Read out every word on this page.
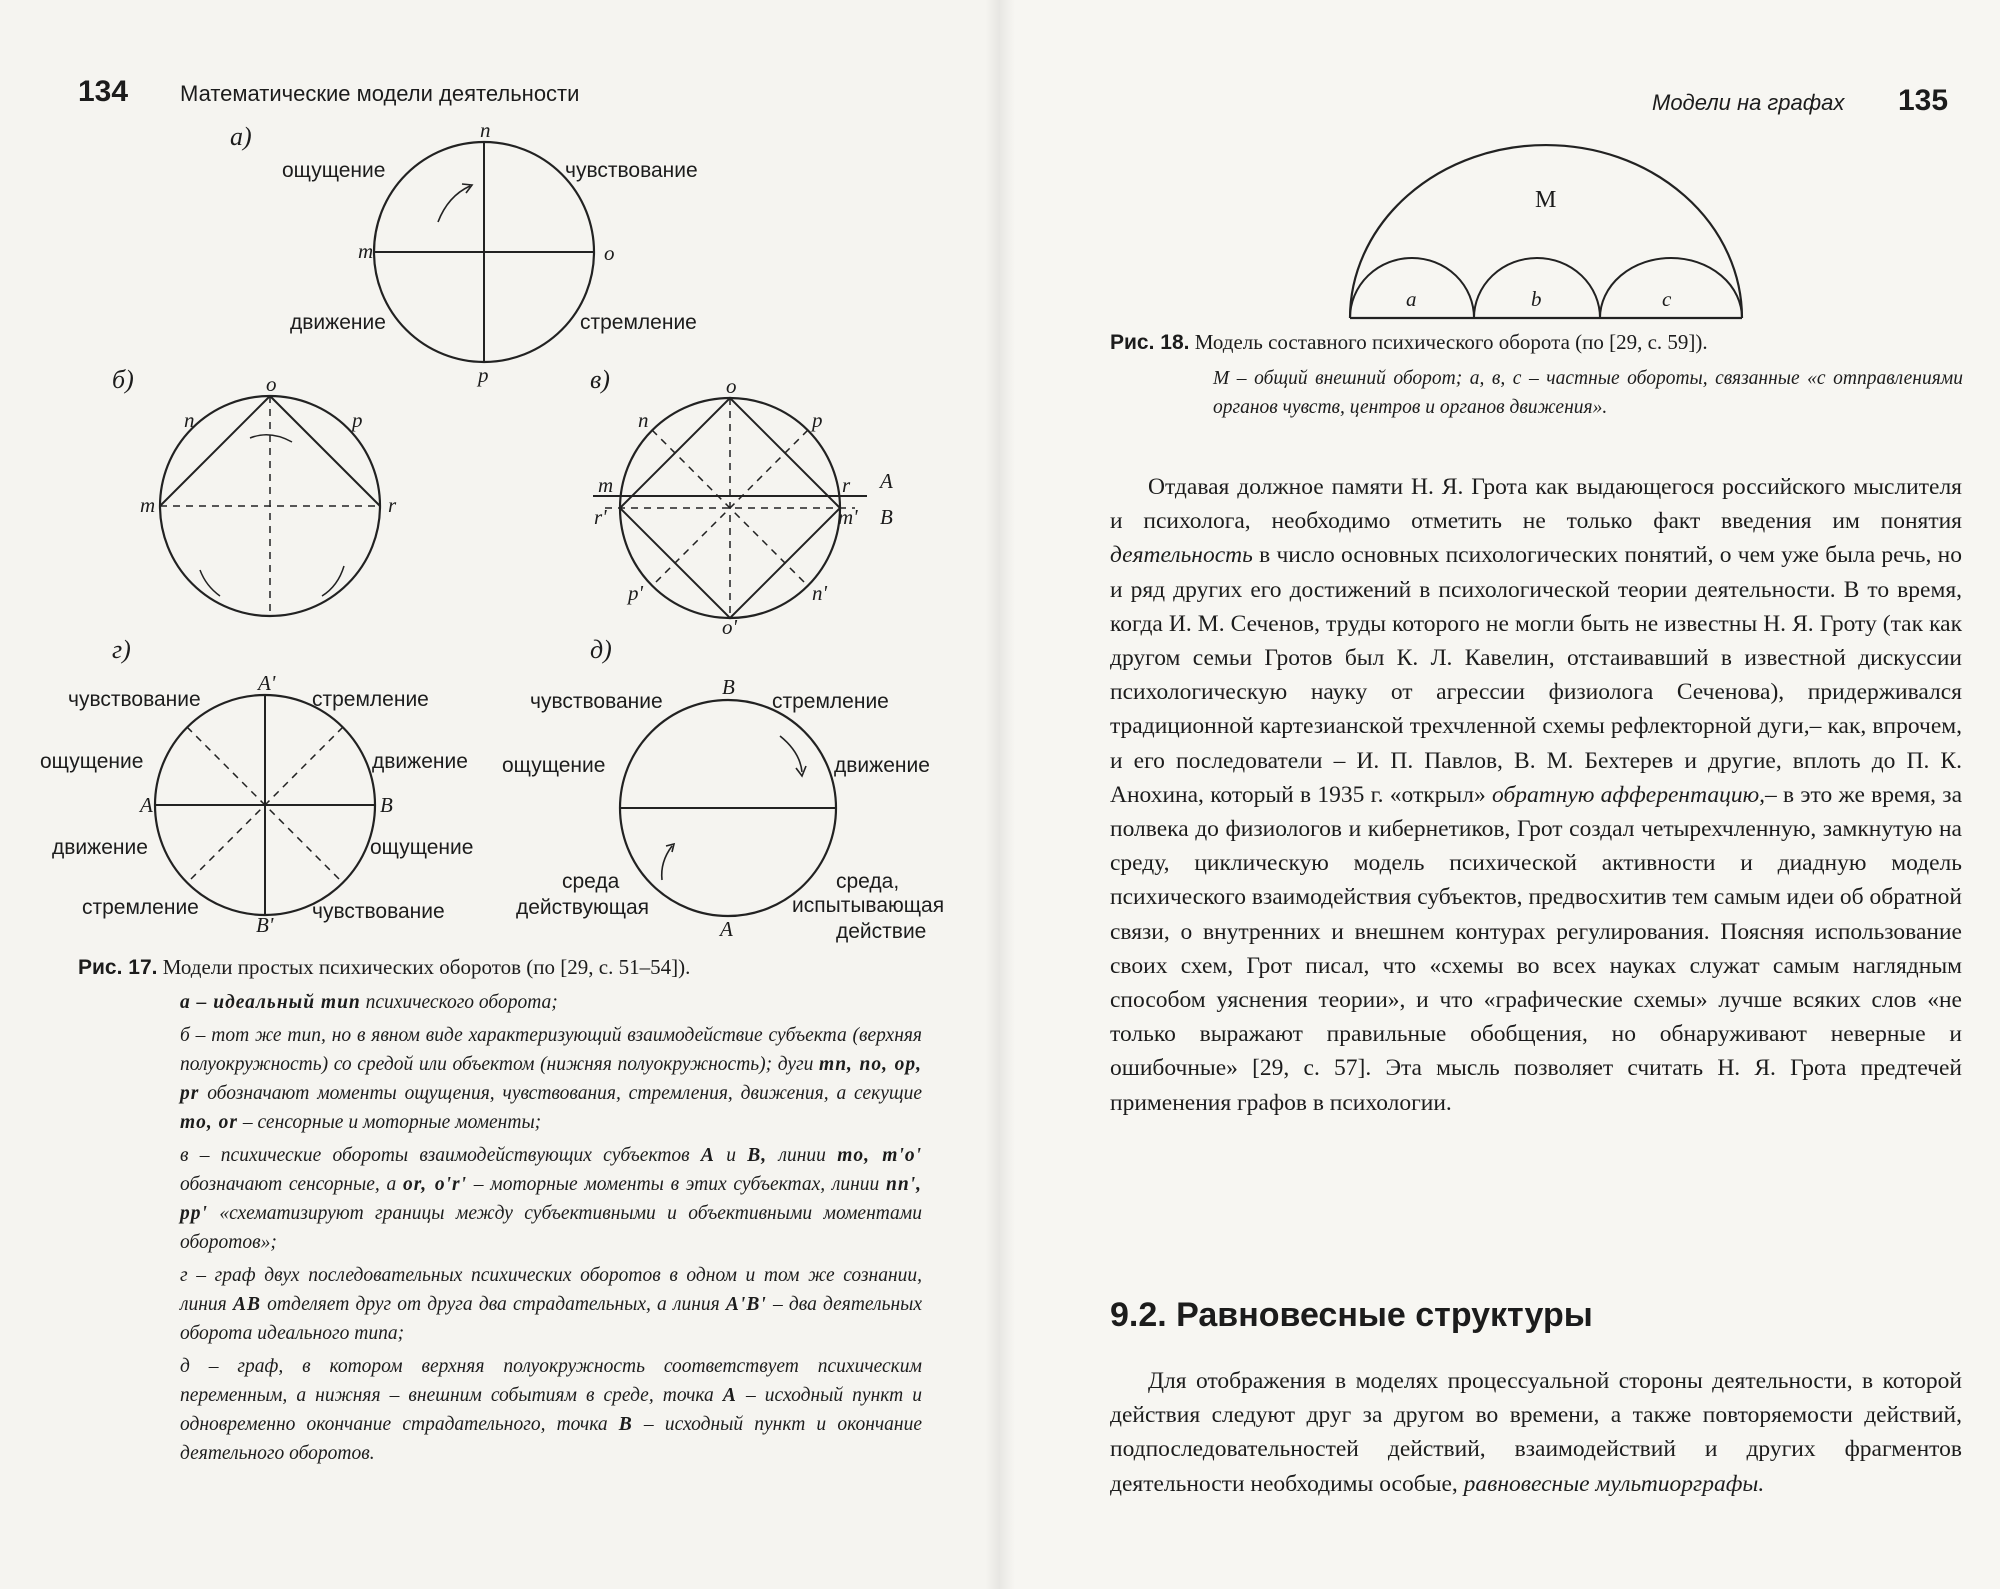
134 Математические модели деятельности
а)	n
m	o
p
ощущение	чувствование
движение	стремление
б)	o
n	p
m	r
в)	o
n	p
m	r
r'	m'
A
B
p'	n'
o'
г)
A'
B'
A	B
чувствование	стремление
ощущение	движение
движение	ощущение
стремление	чувствование
д)
B
A
чувствование	стремление
ощущение	движение
среда
действующая
среда,
испытывающая
действие
Рис. 17. Модели простых психических оборотов (по [29, с. 51–54]).

а – идеальный тип психического оборота;

б – тот же тип, но в явном виде характеризующий взаимодействие субъекта (верхняя полуокружность) со средой или объектом (нижняя полуокружность); дуги mn, no, op, pr обозначают моменты ощущения, чувствования, стремления, движения, а секущие mo, or – сенсорные и моторные моменты;

в – психические обороты взаимодействующих субъектов A и B, линии mo, m'o' обозначают сенсорные, а or, o'r' – моторные моменты в этих субъектах, линии nn', pp' «схематизируют границы между субъективными и объективными моментами оборотов»;

г – граф двух последовательных психических оборотов в одном и том же сознании, линия AB отделяет друг от друга два страдательных, а линия A'B' – два деятельных оборота идеального типа;

д – граф, в котором верхняя полуокружность соответствует психическим переменным, а нижняя – внешним событиям в среде, точка A – исходный пункт и одновременно окончание страдательного, точка B – исходный пункт и окончание деятельного оборотов.

Модели на графах 135
M
a	b	c
Рис. 18. Модель составного психического оборота (по [29, с. 59]).
M – общий внешний оборот; a, в, c – частные обороты, связанные «с отправлениями органов чувств, центров и органов движения».

Отдавая должное памяти Н. Я. Грота как выдающегося российского мыслителя и психолога, необходимо отметить не только факт введения им понятия деятельность в число основных психологических понятий, о чем уже была речь, но и ряд других его достижений в психологической теории деятельности. В то время, когда И. М. Сеченов, труды которого не могли быть не известны Н. Я. Гроту (так как другом семьи Гротов был К. Л. Кавелин, отстаивавший в известной дискуссии психологическую науку от агрессии физиолога Сеченова), придерживался традиционной картезианской трехчленной схемы рефлекторной дуги,– как, впрочем, и его последователи – И. П. Павлов, В. М. Бехтерев и другие, вплоть до П. К. Анохина, который в 1935 г. «открыл» обратную афферентацию,– в это же время, за полвека до физиологов и кибернетиков, Грот создал четырехчленную, замкнутую на среду, циклическую модель психической активности и диадную модель психического взаимодействия субъектов, предвосхитив тем самым идеи об обратной связи, о внутренних и внешнем контурах регулирования. Поясняя использование своих схем, Грот писал, что «схемы во всех науках служат самым наглядным способом уяснения теории», и что «графические схемы» лучше всяких слов «не только выражают правильные обобщения, но обнаруживают неверные и ошибочные» [29, с. 57]. Эта мысль позволяет считать Н. Я. Грота предтечей применения графов в психологии.

9.2. Равновесные структуры

Для отображения в моделях процессуальной стороны деятельности, в которой действия следуют друг за другом во времени, а также повторяемости действий, подпоследовательностей действий, взаимодействий и других фрагментов деятельности необходимы особые, равновесные мультиорграфы.
